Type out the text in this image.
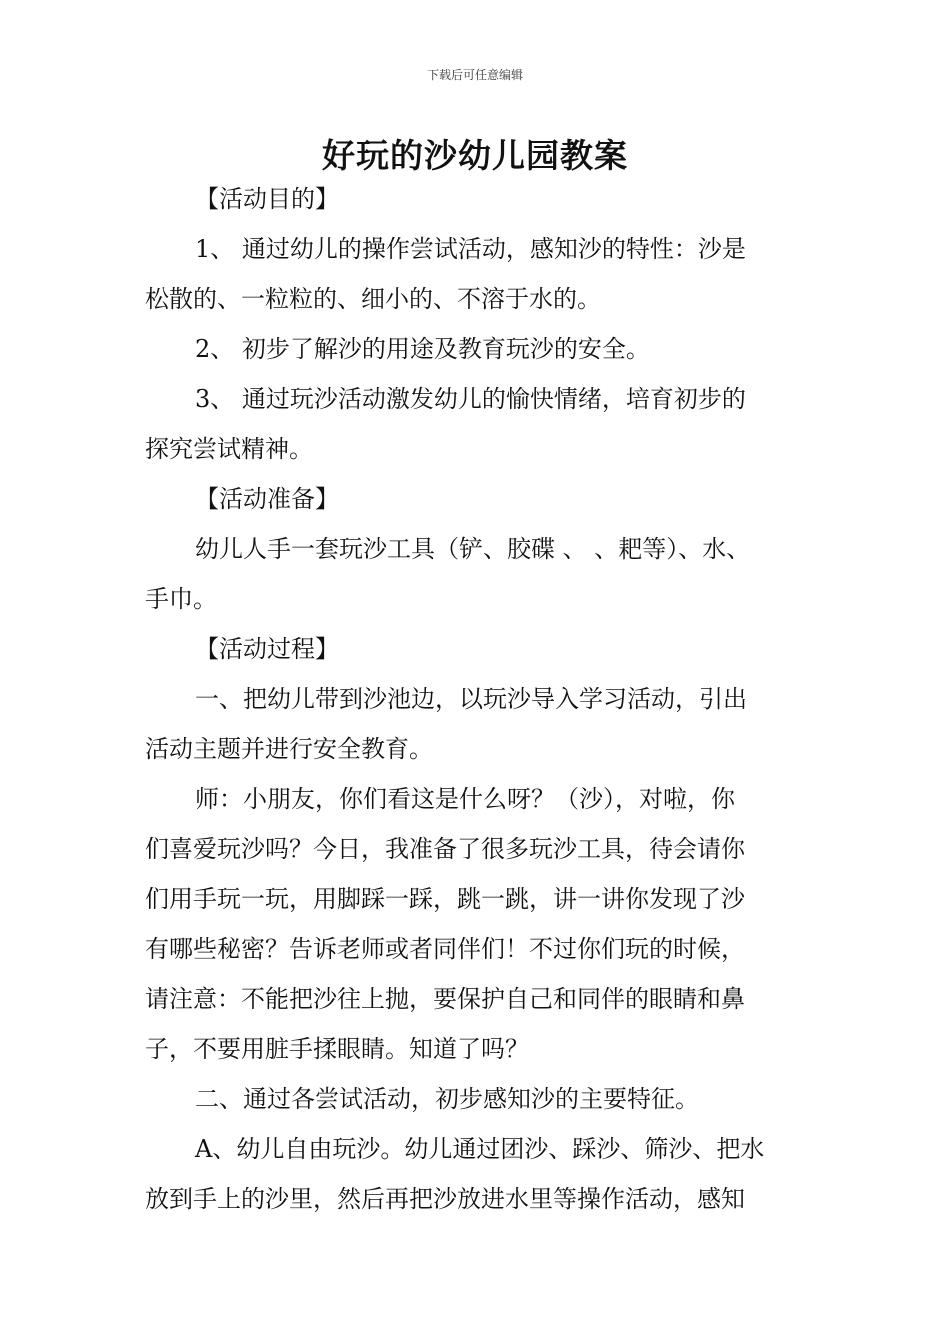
下载后可任意编辑
好玩的沙幼儿园教案
【活动目的】
1、 通过幼儿的操作尝试活动，感知沙的特性：沙是
松散的、一粒粒的、细小的、不溶于水的。
2、 初步了解沙的用途及教育玩沙的安全。
3、 通过玩沙活动激发幼儿的愉快情绪，培育初步的
探究尝试精神。
【活动准备】
幼儿人手一套玩沙工具（铲、胶碟 、 、耙等）、水、
手巾。
【活动过程】
一、把幼儿带到沙池边，以玩沙导入学习活动，引出
活动主题并进行安全教育。
师：小朋友，你们看这是什么呀？（沙），对啦，你
们喜爱玩沙吗？今日，我准备了很多玩沙工具，待会请你
们用手玩一玩，用脚踩一踩，跳一跳，讲一讲你发现了沙
有哪些秘密？告诉老师或者同伴们！不过你们玩的时候，
请注意：不能把沙往上抛，要保护自己和同伴的眼睛和鼻
子，不要用脏手揉眼睛。知道了吗？
二、通过各尝试活动，初步感知沙的主要特征。
A、幼儿自由玩沙。幼儿通过团沙、踩沙、筛沙、把水
放到手上的沙里，然后再把沙放进水里等操作活动，感知
